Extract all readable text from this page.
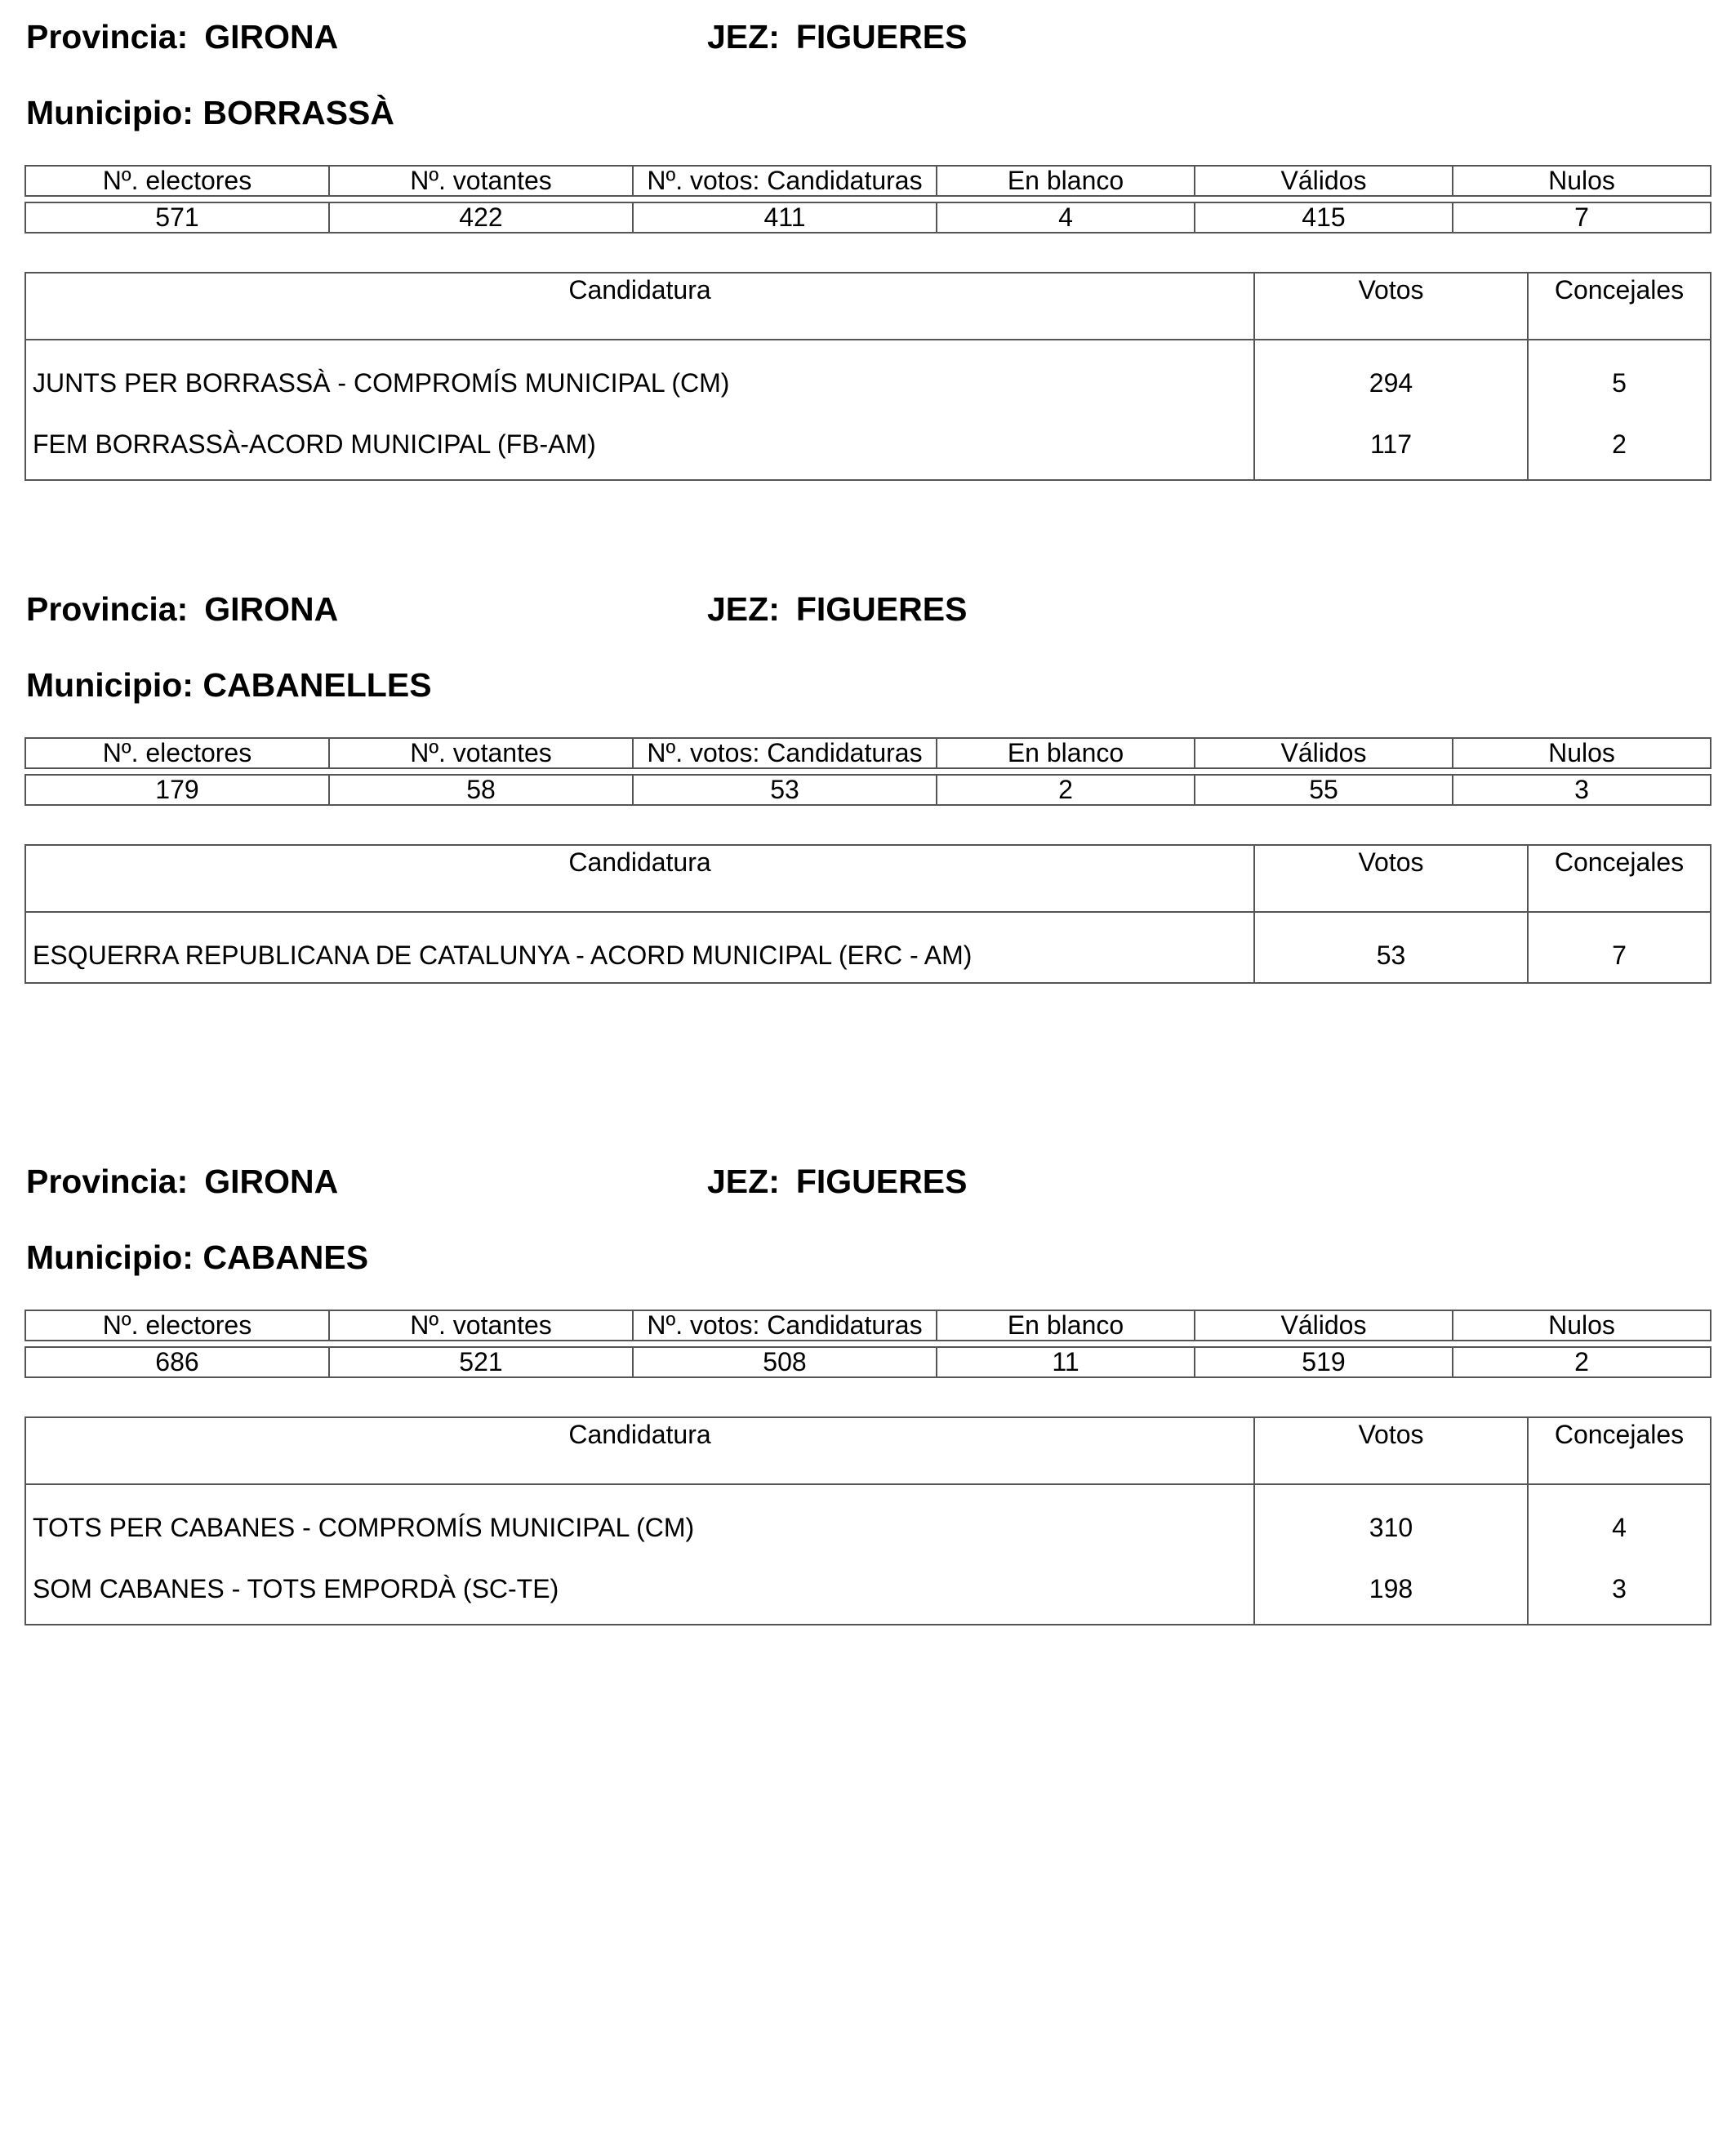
Provincia: GIRONA	JEZ: FIGUERES
Municipio: BORRASSÀ
Nº. electores	Nº. votantes	Nº. votos: Candidaturas	En blanco	Válidos	Nulos

571	422	411	4	415	7
Candidatura	Votos	Concejales
JUNTS PER BORRASSÀ - COMPROMÍS MUNICIPAL (CM)	294	5
FEM BORRASSÀ-ACORD MUNICIPAL (FB-AM)	117	2
Provincia: GIRONA	JEZ: FIGUERES
Municipio: CABANELLES
Nº. electores	Nº. votantes	Nº. votos: Candidaturas	En blanco	Válidos	Nulos

179	58	53	2	55	3
Candidatura	Votos	Concejales
ESQUERRA REPUBLICANA DE CATALUNYA - ACORD MUNICIPAL (ERC - AM)	53	7
Provincia: GIRONA	JEZ: FIGUERES
Municipio: CABANES
Nº. electores	Nº. votantes	Nº. votos: Candidaturas	En blanco	Válidos	Nulos

686	521	508	11	519	2
Candidatura	Votos	Concejales
TOTS PER CABANES - COMPROMÍS MUNICIPAL (CM)	310	4
SOM CABANES - TOTS EMPORDÀ (SC-TE)	198	3
